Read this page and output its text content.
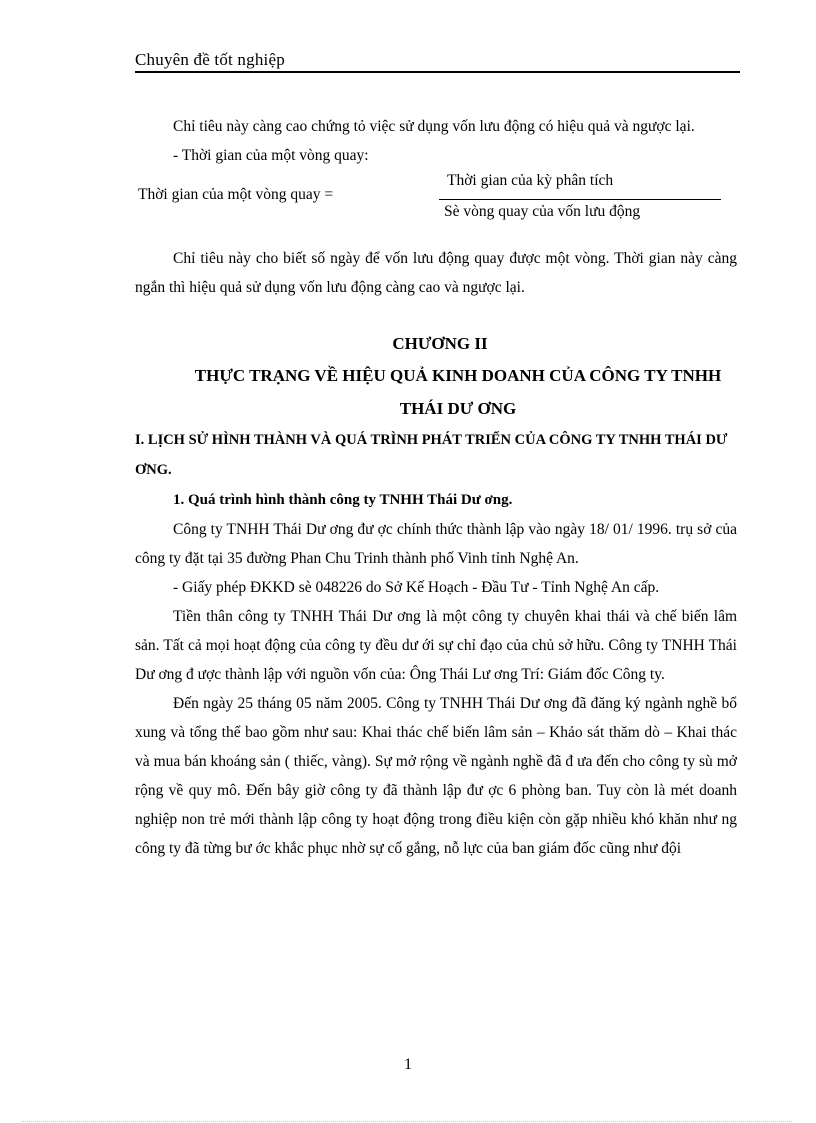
Chuyên đề tốt nghiệp

Chỉ tiêu này càng cao chứng tỏ việc sử dụng vốn lưu động có hiệu quả và ngược lại.

- Thời gian của một vòng quay:

Thời gian của một vòng quay =
Thời gian của kỳ phân tích
Sè vòng quay của vốn lưu động

Chỉ tiêu này cho biết số ngày để vốn lưu động quay được một vòng. Thời gian này càng ngắn thì hiệu quả sử dụng vốn lưu động càng cao và ngược lại.

CHƯƠNG II
THỰC TRẠNG VỀ HIỆU QUẢ KINH DOANH CỦA CÔNG TY TNHH THÁI DƯ ƠNG
I. LỊCH SỬ HÌNH THÀNH VÀ QUÁ TRÌNH PHÁT TRIỂN CỦA CÔNG TY TNHH THÁI DƯ ƠNG.
1. Quá trình hình thành công ty TNHH Thái Dư ơng.

Công ty TNHH Thái Dư ơng đư ợc chính thức thành lập vào ngày 18/ 01/ 1996. trụ sở của công ty đặt tại 35 đường Phan Chu Trinh thành phố Vinh tỉnh Nghệ An.

- Giấy phép ĐKKD sè 048226 do Sở Kế Hoạch - Đầu Tư - Tỉnh Nghệ An cấp.

Tiền thân công ty TNHH Thái Dư ơng là một công ty chuyên khai thái và chế biến lâm sản. Tất cả mọi hoạt động của công ty đều dư ới sự chỉ đạo của chủ sở hữu. Công ty TNHH Thái Dư ơng đ ược thành lập với nguồn vốn của: Ông Thái Lư ơng Trí: Giám đốc Công ty.

Đến ngày 25 tháng 05 năm 2005. Công ty TNHH Thái Dư ơng đã đăng ký ngành nghề bổ xung và tổng thể bao gồm như sau: Khai thác chế biến lâm sản – Khảo sát thăm dò – Khai thác và mua bán khoáng sản ( thiếc, vàng). Sự mở rộng về ngành nghề đã đ ưa đến cho công ty sù mở rộng về quy mô. Đến bây giờ công ty đã thành lập đư ợc 6 phòng ban. Tuy còn là mét doanh nghiệp non trẻ mới thành lập công ty hoạt động trong điều kiện còn gặp nhiều khó khăn như ng công ty đã từng bư ớc khắc phục nhờ sự cố gắng, nỗ lực của ban giám đốc cũng như đội

1
